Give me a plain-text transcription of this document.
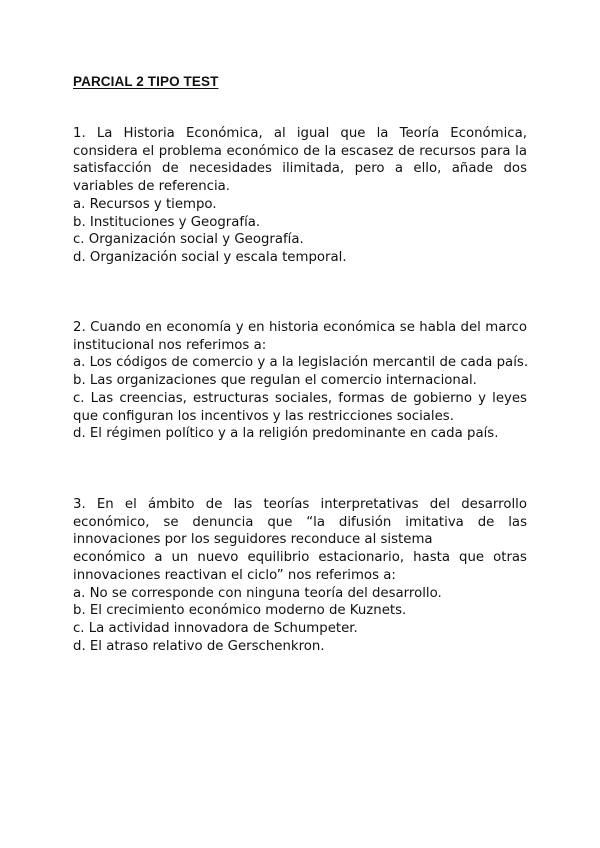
PARCIAL 2 TIPO TEST

1. La Historia Económica, al igual que la Teoría Económica, considera el problema económico de la escasez de recursos para la satisfacción de necesidades ilimitada, pero a ello, añade dos variables de referencia.

a. Recursos y tiempo.

b. Instituciones y Geografía.

c. Organización social y Geografía.

d. Organización social y escala temporal.

2. Cuando en economía y en historia económica se habla del marco institucional nos referimos a:

a. Los códigos de comercio y a la legislación mercantil de cada país.

b. Las organizaciones que regulan el comercio internacional.

c. Las creencias, estructuras sociales, formas de gobierno y leyes que configuran los incentivos y las restricciones sociales.

d. El régimen político y a la religión predominante en cada país.

3. En el ámbito de las teorías interpretativas del desarrollo económico, se denuncia que “la difusión imitativa de las innovaciones por los seguidores reconduce al sistema

económico a un nuevo equilibrio estacionario, hasta que otras innovaciones reactivan el ciclo” nos referimos a:

a. No se corresponde con ninguna teoría del desarrollo.

b. El crecimiento económico moderno de Kuznets.

c. La actividad innovadora de Schumpeter.

d. El atraso relativo de Gerschenkron.
